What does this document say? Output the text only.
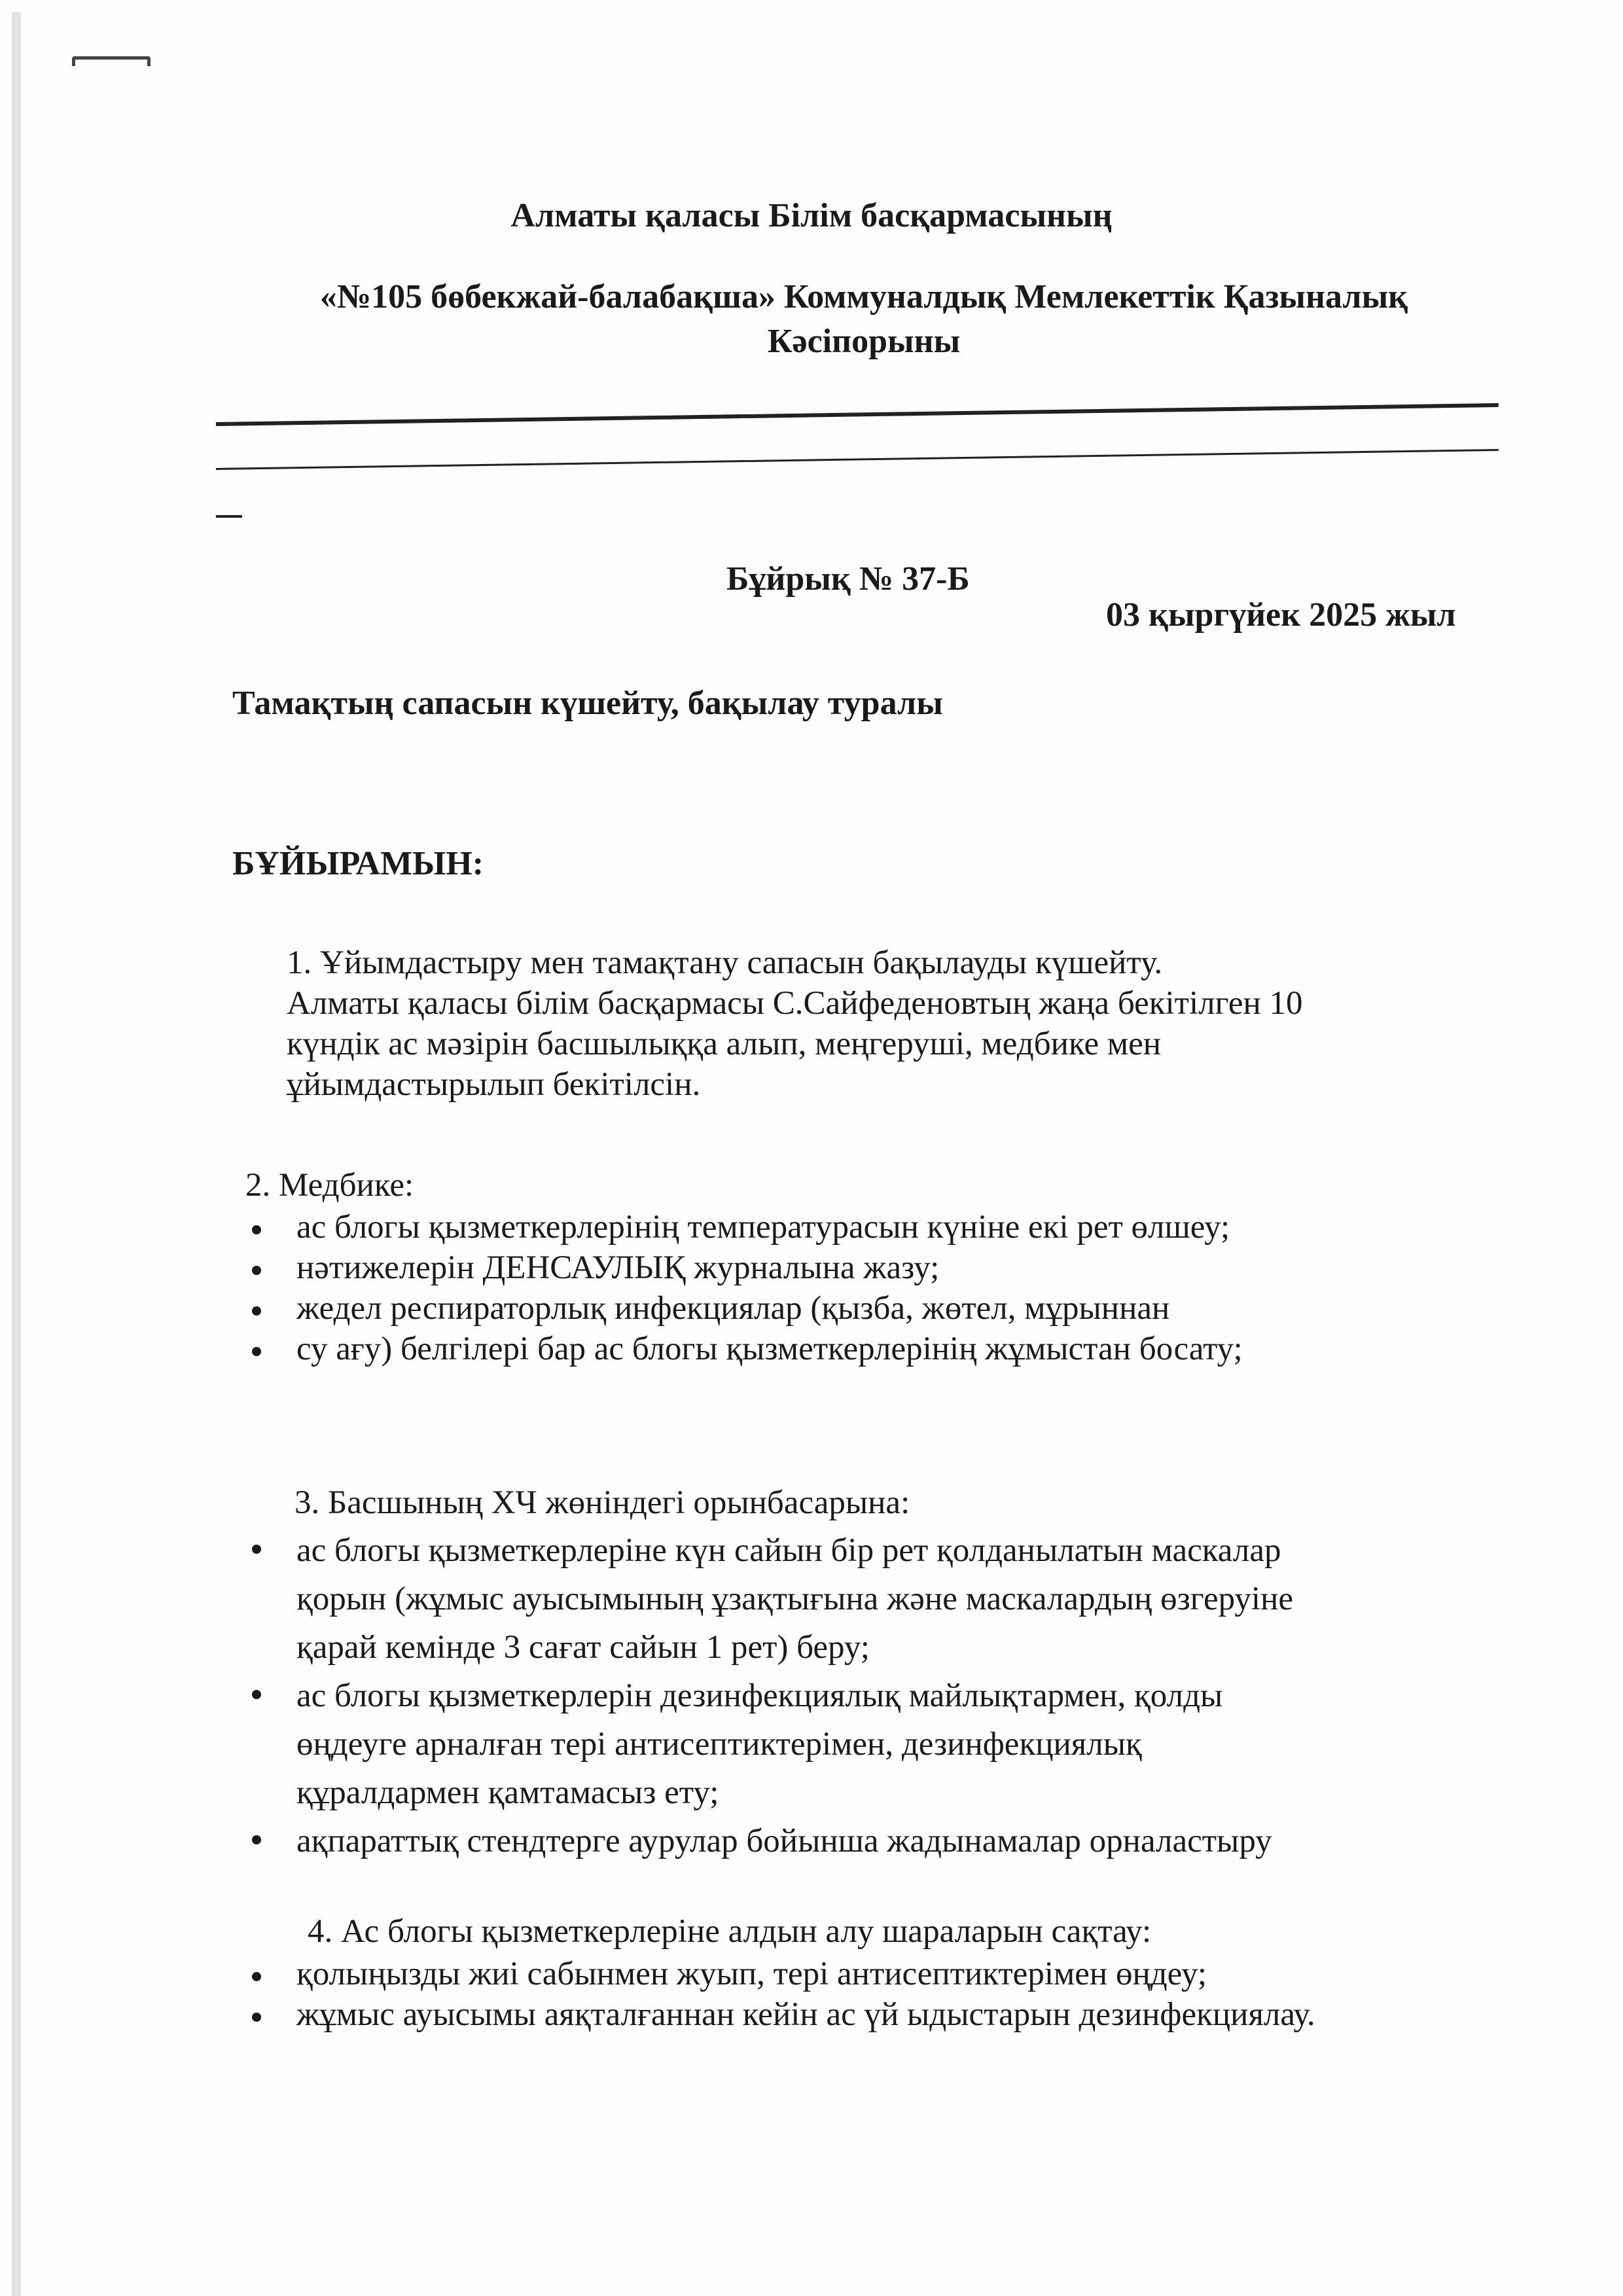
Алматы қаласы Білім басқармасының
«№105 бөбекжай-балабақша» Коммуналдық Мемлекеттік Қазыналық Кәсіпорыны
Бұйрық № 37-Б
03 қыргүйек 2025 жыл
Тамақтың сапасын күшейту, бақылау туралы
БҰЙЫРАМЫН:
1. Ұйымдастыру мен тамақтану сапасын бақылауды күшейту.
Алматы қаласы білім басқармасы С.Сайфеденовтың жаңа бекітілген 10
күндік ас мәзірін басшылыққа алып, меңгеруші, медбике мен
ұйымдастырылып бекітілсін.
2. Медбике:
ас блогы қызметкерлерінің температурасын күніне екі рет өлшеу;
нәтижелерін ДЕНСАУЛЫҚ журналына жазу;
жедел респираторлық инфекциялар (қызба, жөтел, мұрыннан
су ағу) белгілері бар ас блогы қызметкерлерінің жұмыстан босату;
3. Басшының ХЧ жөніндегі орынбасарына:
ас блогы қызметкерлеріне күн сайын бір рет қолданылатын маскалар
қорын (жұмыс ауысымының ұзақтығына және маскалардың өзгеруіне
қарай кемінде 3 сағат сайын 1 рет) беру;
ас блогы қызметкерлерін дезинфекциялық майлықтармен, қолды
өңдеуге арналған тері антисептиктерімен, дезинфекциялық
құралдармен қамтамасыз ету;
ақпараттық стендтерге аурулар бойынша жадынамалар орналастыру
4. Ас блогы қызметкерлеріне алдын алу шараларын сақтау:
қолыңызды жиі сабынмен жуып, тері антисептиктерімен өңдеу;
жұмыс ауысымы аяқталғаннан кейін ас үй ыдыстарын дезинфекциялау.
